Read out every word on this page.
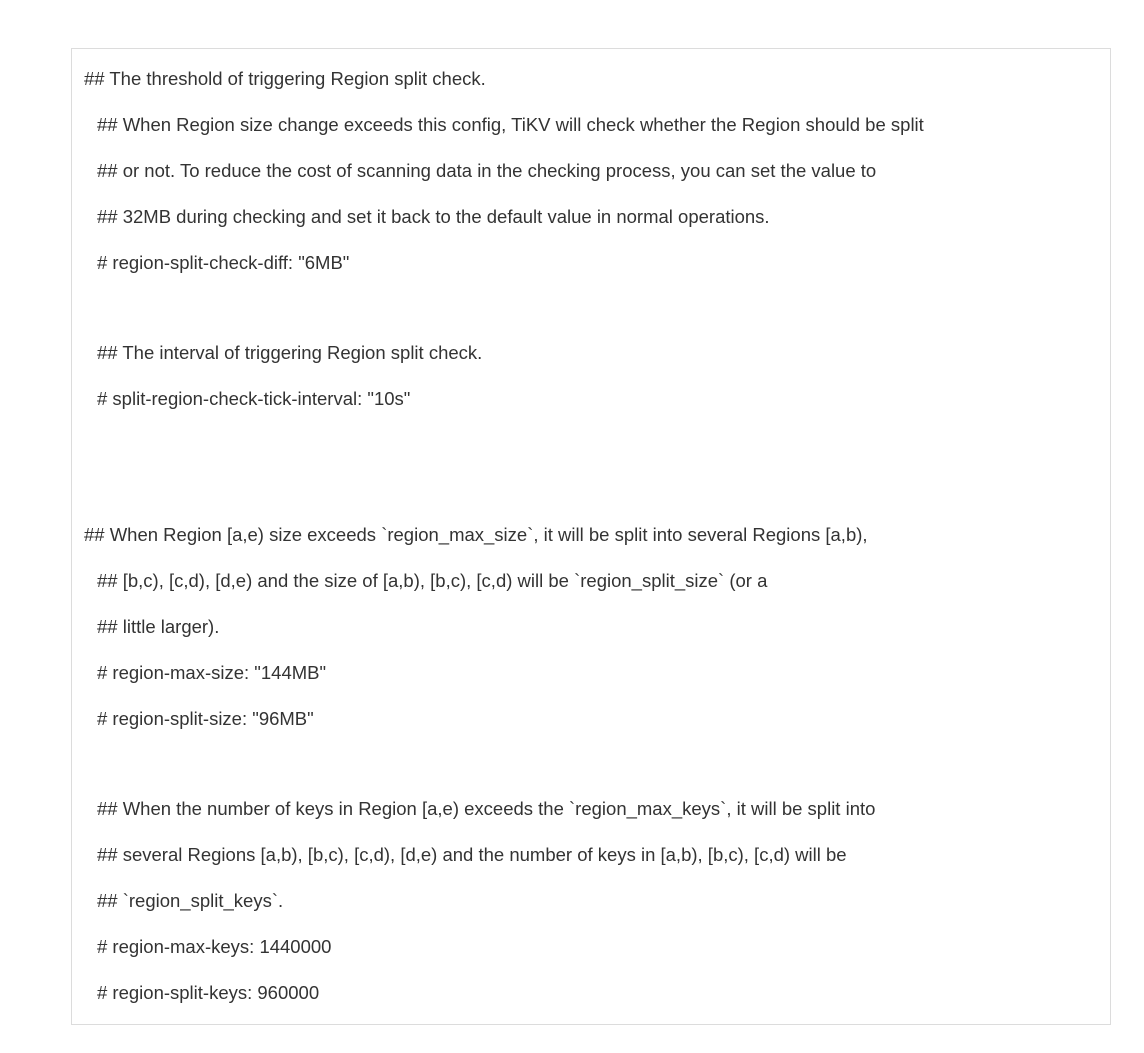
## The threshold of triggering Region split check.
## When Region size change exceeds this config, TiKV will check whether the Region should be split
## or not. To reduce the cost of scanning data in the checking process, you can set the value to
## 32MB during checking and set it back to the default value in normal operations.
# region-split-check-diff: "6MB"
## The interval of triggering Region split check.
# split-region-check-tick-interval: "10s"
## When Region [a,e) size exceeds `region_max_size`, it will be split into several Regions [a,b),
## [b,c), [c,d), [d,e) and the size of [a,b), [b,c), [c,d) will be `region_split_size` (or a
## little larger).
# region-max-size: "144MB"
# region-split-size: "96MB"
## When the number of keys in Region [a,e) exceeds the `region_max_keys`, it will be split into
## several Regions [a,b), [b,c), [c,d), [d,e) and the number of keys in [a,b), [b,c), [c,d) will be
## `region_split_keys`.
# region-max-keys: 1440000
# region-split-keys: 960000
